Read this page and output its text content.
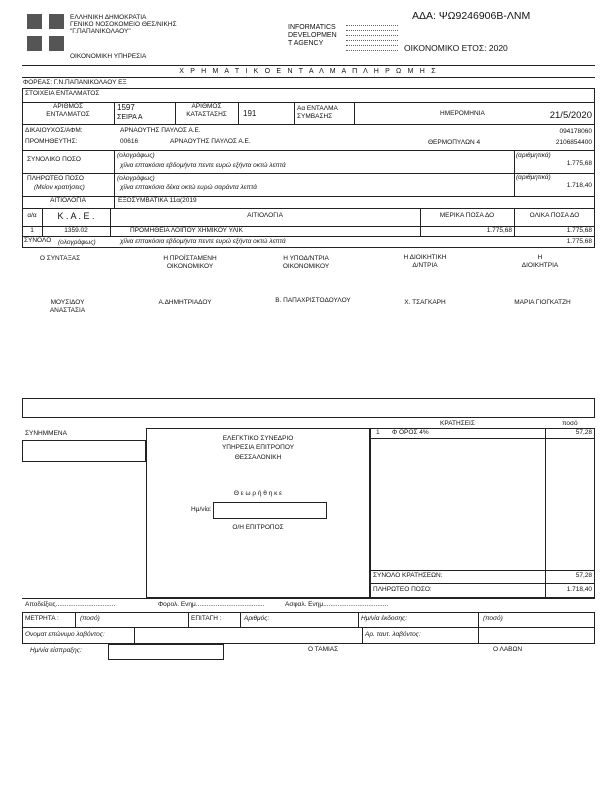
ΕΛΛΗΝΙΚΗ ΔΗΜΟΚΡΑΤΙΑ
ΓΕΝΙΚΟ ΝΟΣΟΚΟΜΕΙΟ ΘΕΣ/ΝΙΚΗΣ
"Γ.ΠΑΠΑΝΙΚΟΛΑΟΥ"
ΟΙΚΟΝΟΜΙΚΗ ΥΠΗΡΕΣΙΑ
INFORMATICS
DEVELOPMEN
T AGENCY
ΑΔΑ: ΨΩ9246906Β-ΛΝΜ
ΟΙΚΟΝΟΜΙΚΟ ΕΤΟΣ: 2020
Χ Ρ Η Μ Α Τ Ι Κ Ο Ε Ν Τ Α Λ Μ Α Π Λ Η Ρ Ω Μ Η Σ
ΦΟΡΕΑΣ: Γ.Ν.ΠΑΠΑΝΙΚΟΛΑΟΥ ΕΞ
ΣΤΟΙΧΕΙΑ ΕΝΤΑΛΜΑΤΟΣ
ΑΡΙΘΜΟΣ
ΕΝΤΑΛΜΑΤΟΣ
1597
ΣΕΙΡΑ Α
ΑΡΙΘΜΟΣ
ΚΑΤΑΣΤΑΣΗΣ	191
Αα ΕΝΤΑΛΜΑ
ΣΥΜΒΑΣΗΣ	ΗΜΕΡΟΜΗΝΙΑ	21/5/2020
ΔΙΚΑΙΟΥΧΟΣ/ΑΦΜ:	ΑΡΝΑΟΥΤΗΣ ΠΑΥΛΟΣ Α.Ε.	094178060
ΠΡΟΜΗΘΕΥΤΗΣ:	00616	ΑΡΝΑΟΥΤΗΣ ΠΑΥΛΟΣ Α.Ε.	ΘΕΡΜΟΠΥΛΩΝ 4	2106854400
ΣΥΝΟΛΙΚΟ ΠΟΣΟ
(ολογράφως)
χίλια επτακόσια εβδομήντα πεντε ευρώ εξήντα οκτώ λεπτά
(αριθμητικά)
1.775,68
ΠΛΗΡΩΤΕΟ ΠΟΣΟ
(Μείον κρατήσεις)
(ολογράφως)
χίλια επτακόσια δέκα οκτώ ευρώ σαράντα λεπτά
(αριθμητικά)
1.718,40
ΑΙΤΙΟΛΟΓΙΑ	ΕΞΟΣΥΜΒΑΤΙΚΑ 11α(2019
α/α	Κ . Α . Ε .	ΑΙΤΙΟΛΟΓΙΑ	ΜΕΡΙΚΑ ΠΟΣΑ ΔΟ	ΟΛΙΚΑ ΠΟΣΑ ΔΟ
1	1359.02	ΠΡΟΜΗΘΕΙΑ ΛΟΙΠΟΥ ΧΗΜΙΚΟΥ ΥΛΙΚ	1.775,68	1.775,68
ΣΥΝΟΛΟ (ολογράφως)	χίλια επτακόσια εβδομήντα πεντε ευρώ εξήντα οκτώ λεπτά	1.775,68
Ο ΣΥΝΤΑΞΑΣ	Η ΠΡΟΪΣΤΑΜΕΝΗ
ΟΙΚΟΝΟΜΙΚΟΥ
Η ΥΠΟΔ/ΝΤΡΙΑ
ΟΙΚΟΝΟΜΙΚΟΥ
Η ΔΙΟΙΚΗΤΙΚΗ
Δ/ΝΤΡΙΑ
Η
ΔΙΟΙΚΗΤΡΙΑ
ΜΟΥΣΙΔΟΥ
ΑΝΑΣΤΑΣΙΑ
Α.ΔΗΜΗΤΡΙΑΔΟΥ	Β. ΠΑΠΑΧΡΙΣΤΟΔΟΥΛΟΥ	Χ. ΤΣΑΓΚΑΡΗ	ΜΑΡΙΑ ΓΙΟΓΚΑΤΖΗ
ΚΡΑΤΗΣΕΙΣ	ποσό
ΣΥΝΗΜΜΕΝΑ
ΕΛΕΓΚΤΙΚΟ ΣΥΝΕΔΡΙΟ
ΥΠΗΡΕΣΙΑ ΕΠΙΤΡΟΠΟΥ
ΘΕΣΣΑΛΟΝΙΚΗ
Θ ε ω ρ ή θ η κ ε
Ημ/νία:
Ο/Η ΕΠΙΤΡΟΠΟΣ
1 Φ ΟΡΟΣ 4%	57,28
ΣΥΝΟΛΟ ΚΡΑΤΗΣΕΩΝ:	57,28
ΠΛΗΡΩΤΕΟ ΠΟΣΟ:	1.718,40
Αποδείξεις.................................	Φορολ. Ενημ......................................	Ασφαλ. Ενημ....................................
ΜΕΤΡΗΤΑ :	(ποσό)	ΕΠΙΤΑΓΗ :	Αριθμός:	Ημ/νία έκδοσης:	(ποσό)
Ονοματ επώνυμο λαβόντος:	Αρ. ταυτ. λαβόντος:
Ημ/νία είσπραξης:	Ο ΤΑΜΙΑΣ	Ο ΛΑΒΩΝ
